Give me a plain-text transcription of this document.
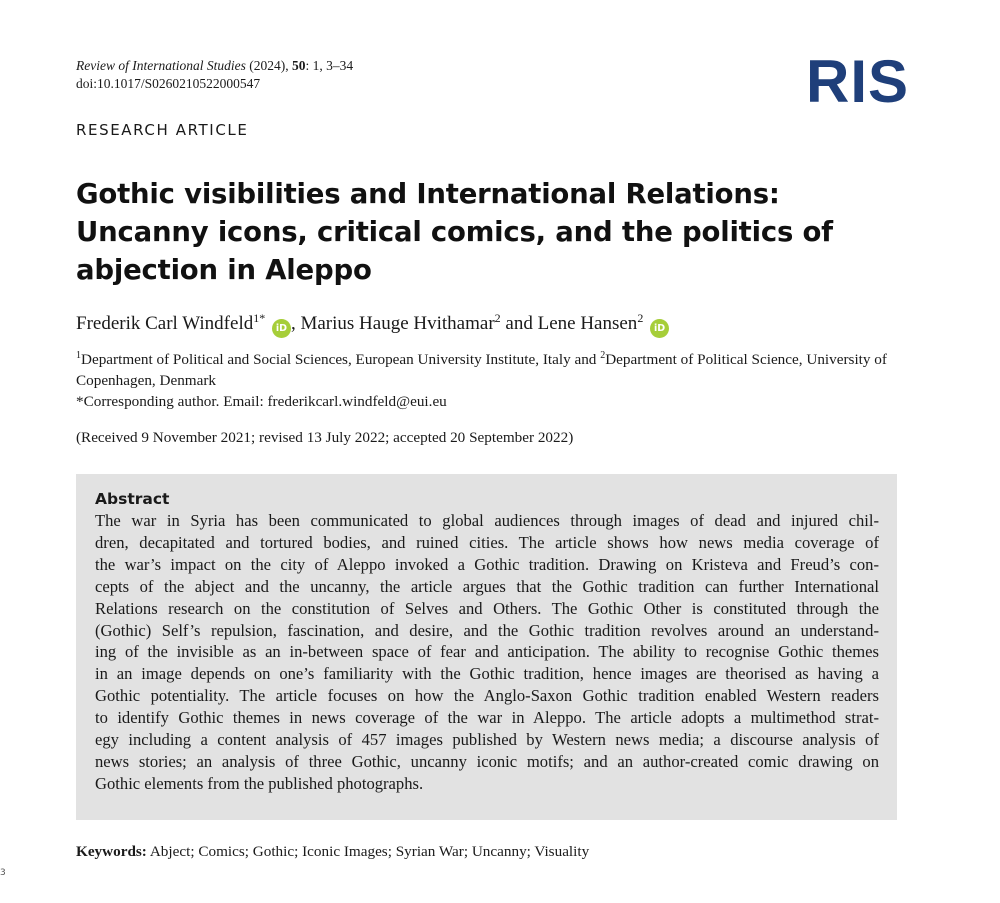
Review of International Studies (2024), 50: 1, 3–34
doi:10.1017/S0260210522000547	RIS
RESEARCH ARTICLE
Gothic visibilities and International Relations: Uncanny icons, critical comics, and the politics of abjection in Aleppo
Frederik Carl Windfeld$^{1*}$ iD , Marius Hauge Hvithamar$^2$ and Lene Hansen$^2$ iD
$^1$Department of Political and Social Sciences, European University Institute, Italy and $^2$Department of Political Science, University of Copenhagen, Denmark
*Corresponding author. Email: frederikcarl.windfeld@eui.eu
(Received 9 November 2021; revised 13 July 2022; accepted 20 September 2022)
Abstract
The war in Syria has been communicated to global audiences through images of dead and injured chil-
dren, decapitated and tortured bodies, and ruined cities. The article shows how news media coverage of
the war’s impact on the city of Aleppo invoked a Gothic tradition. Drawing on Kristeva and Freud’s con-
cepts of the abject and the uncanny, the article argues that the Gothic tradition can further International
Relations research on the constitution of Selves and Others. The Gothic Other is constituted through the
(Gothic) Self’s repulsion, fascination, and desire, and the Gothic tradition revolves around an understand-
ing of the invisible as an in-between space of fear and anticipation. The ability to recognise Gothic themes
in an image depends on one’s familiarity with the Gothic tradition, hence images are theorised as having a
Gothic potentiality. The article focuses on how the Anglo-Saxon Gothic tradition enabled Western readers
to identify Gothic themes in news coverage of the war in Aleppo. The article adopts a multimethod strat-
egy including a content analysis of 457 images published by Western news media; a discourse analysis of
news stories; an analysis of three Gothic, uncanny iconic motifs; and an author-created comic drawing on
Gothic elements from the published photographs.
Keywords: Abject; Comics; Gothic; Iconic Images; Syrian War; Uncanny; Visuality
3
